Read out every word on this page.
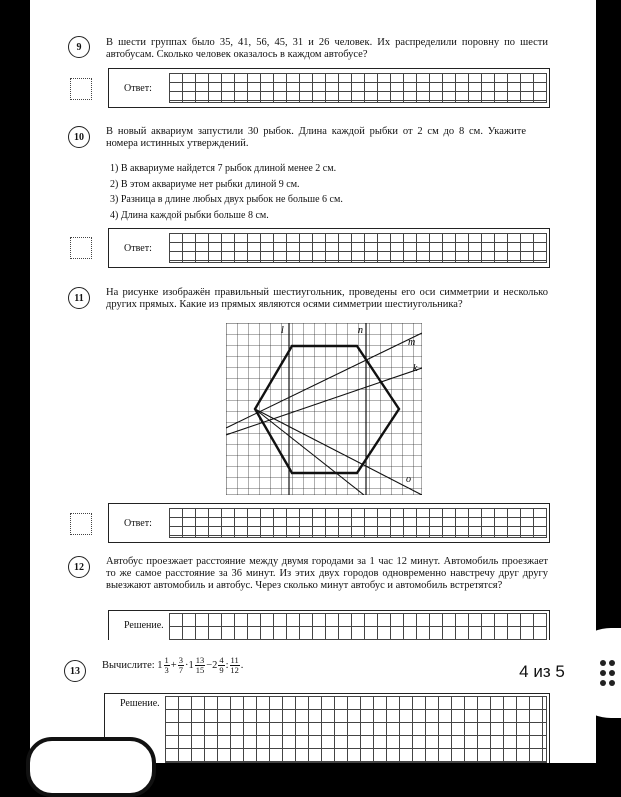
9 В шести группах было 35, 41, 56, 45, 31 и 26 человек. Их распределили поровну по шести автобусам. Сколько человек оказалось в каждом автобусе?
Ответ:
10 В новый аквариум запустили 30 рыбок. Длина каждой рыбки от 2 см до 8 см. Укажите номера истинных утверждений.
1) В аквариуме найдется 7 рыбок длиной менее 2 см.
2) В этом аквариуме нет рыбки длиной 9 см.
3) Разница в длине любых двух рыбок не больше 6 см.
4) Длина каждой рыбки больше 8 см.
Ответ:
11 На рисунке изображён правильный шестиугольник, проведены его оси симметрии и несколько других прямых. Какие из прямых являются осями симметрии шестиугольника?
l	n
m
k
o
Ответ:
12 Автобус проезжает расстояние между двумя городами за 1 час 12 минут. Автомобиль проезжает то же самое расстояние за 36 минут. Из этих двух городов одновременно навстречу друг другу выезжают автомобиль и автобус. Через сколько минут автобус и автомобиль встретятся?
Решение.
13
Вычислите:
$1 \frac{1}{3} + \frac{3}{7} \cdot 1 \frac{13}{15} - 2 \frac{4}{9}$ : $\frac{11}{12}$ .
Решение.
4 из 5
